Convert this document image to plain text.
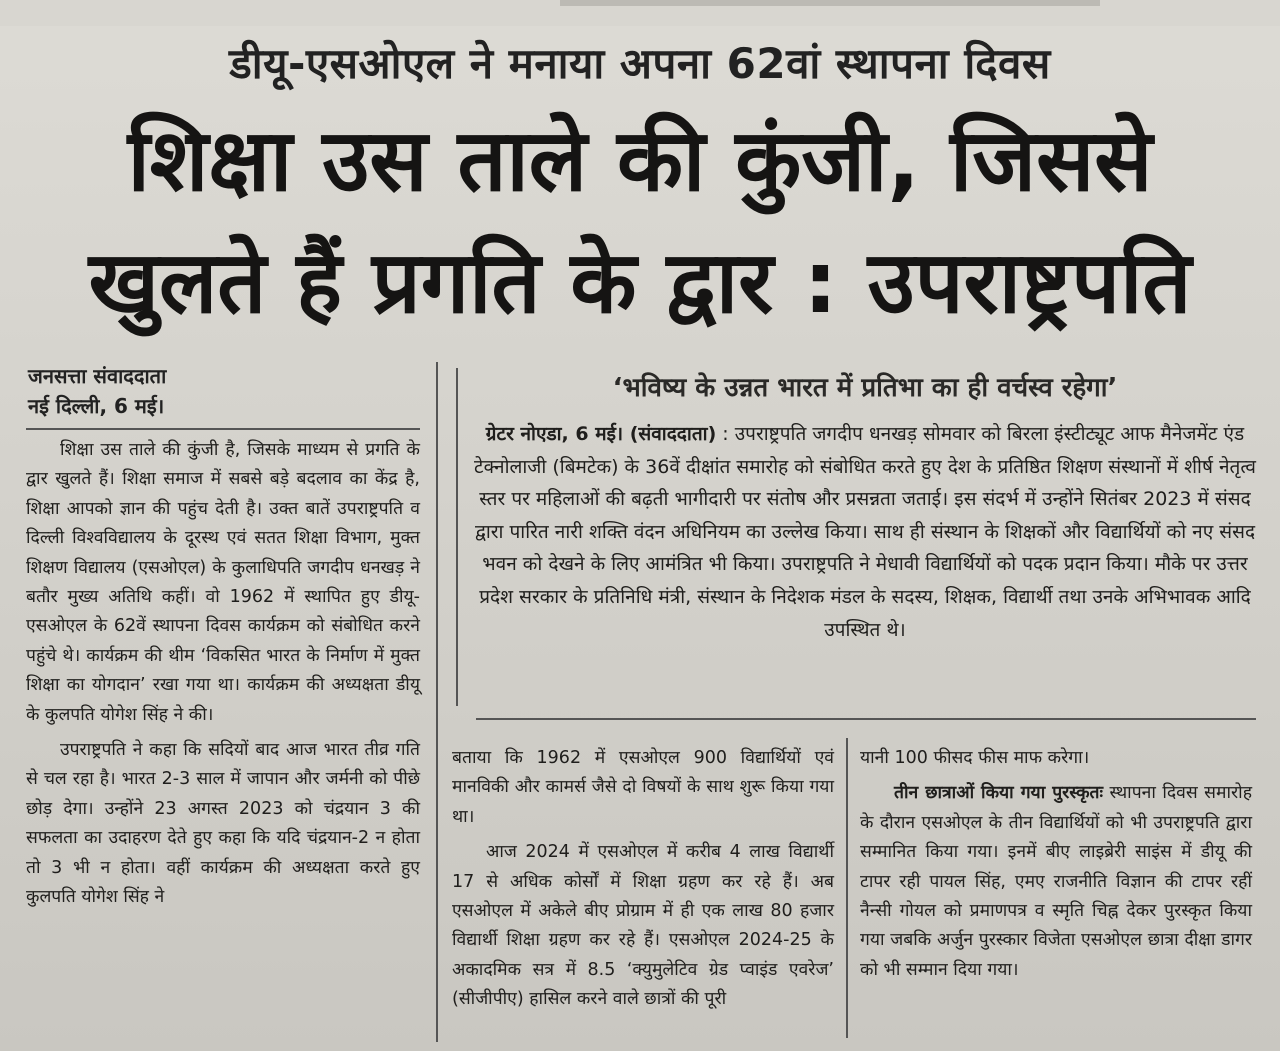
डीयू-एसओएल ने मनाया अपना 62वां स्थापना दिवस
शिक्षा उस ताले की कुंजी, जिससे
खुलते हैं प्रगति के द्वार : उपराष्ट्रपति
जनसत्ता संवाददाता
नई दिल्ली, 6 मई।

शिक्षा उस ताले की कुंजी है, जिसके माध्यम से प्रगति के द्वार खुलते हैं। शिक्षा समाज में सबसे बड़े बदलाव का केंद्र है, शिक्षा आपको ज्ञान की पहुंच देती है। उक्त बातें उपराष्ट्रपति व दिल्ली विश्वविद्यालय के दूरस्थ एवं सतत शिक्षा विभाग, मुक्त शिक्षण विद्यालय (एसओएल) के कुलाधिपति जगदीप धनखड़ ने बतौर मुख्य अतिथि कहीं। वो 1962 में स्थापित हुए डीयू-एसओएल के 62वें स्थापना दिवस कार्यक्रम को संबोधित करने पहुंचे थे। कार्यक्रम की थीम ‘विकसित भारत के निर्माण में मुक्त शिक्षा का योगदान’ रखा गया था। कार्यक्रम की अध्यक्षता डीयू के कुलपति योगेश सिंह ने की।

उपराष्ट्रपति ने कहा कि सदियों बाद आज भारत तीव्र गति से चल रहा है। भारत 2-3 साल में जापान और जर्मनी को पीछे छोड़ देगा। उन्होंने 23 अगस्त 2023 को चंद्रयान 3 की सफलता का उदाहरण देते हुए कहा कि यदि चंद्रयान-2 न होता तो 3 भी न होता। वहीं कार्यक्रम की अध्यक्षता करते हुए कुलपति योगेश सिंह ने

‘भविष्य के उन्नत भारत में प्रतिभा का ही वर्चस्व रहेगा’
ग्रेटर नोएडा, 6 मई। (संवाददाता) : उपराष्ट्रपति जगदीप धनखड़ सोमवार को बिरला इंस्टीट्यूट आफ मैनेजमेंट एंड टेक्नोलाजी (बिमटेक) के 36वें दीक्षांत समारोह को संबोधित करते हुए देश के प्रतिष्ठित शिक्षण संस्थानों में शीर्ष नेतृत्व स्तर पर महिलाओं की बढ़ती भागीदारी पर संतोष और प्रसन्नता जताई। इस संदर्भ में उन्होंने सितंबर 2023 में संसद द्वारा पारित नारी शक्ति वंदन अधिनियम का उल्लेख किया। साथ ही संस्थान के शिक्षकों और विद्यार्थियों को नए संसद भवन को देखने के लिए आमंत्रित भी किया। उपराष्ट्रपति ने मेधावी विद्यार्थियों को पदक प्रदान किया। मौके पर उत्तर प्रदेश सरकार के प्रतिनिधि मंत्री, संस्थान के निदेशक मंडल के सदस्य, शिक्षक, विद्यार्थी तथा उनके अभिभावक आदि उपस्थित थे।

बताया कि 1962 में एसओएल 900 विद्यार्थियों एवं मानविकी और कामर्स जैसे दो विषयों के साथ शुरू किया गया था।

आज 2024 में एसओएल में करीब 4 लाख विद्यार्थी 17 से अधिक कोर्सों में शिक्षा ग्रहण कर रहे हैं। अब एसओएल में अकेले बीए प्रोग्राम में ही एक लाख 80 हजार विद्यार्थी शिक्षा ग्रहण कर रहे हैं। एसओएल 2024-25 के अकादमिक सत्र में 8.5 ‘क्युमुलेटिव ग्रेड प्वाइंड एवरेज’ (सीजीपीए) हासिल करने वाले छात्रों की पूरी

यानी 100 फीसद फीस माफ करेगा।

तीन छात्राओं किया गया पुरस्कृतः स्थापना दिवस समारोह के दौरान एसओएल के तीन विद्यार्थियों को भी उपराष्ट्रपति द्वारा सम्मानित किया गया। इनमें बीए लाइब्रेरी साइंस में डीयू की टापर रही पायल सिंह, एमए राजनीति विज्ञान की टापर रहीं नैन्सी गोयल को प्रमाणपत्र व स्मृति चिह्न देकर पुरस्कृत किया गया जबकि अर्जुन पुरस्कार विजेता एसओएल छात्रा दीक्षा डागर को भी सम्मान दिया गया।
